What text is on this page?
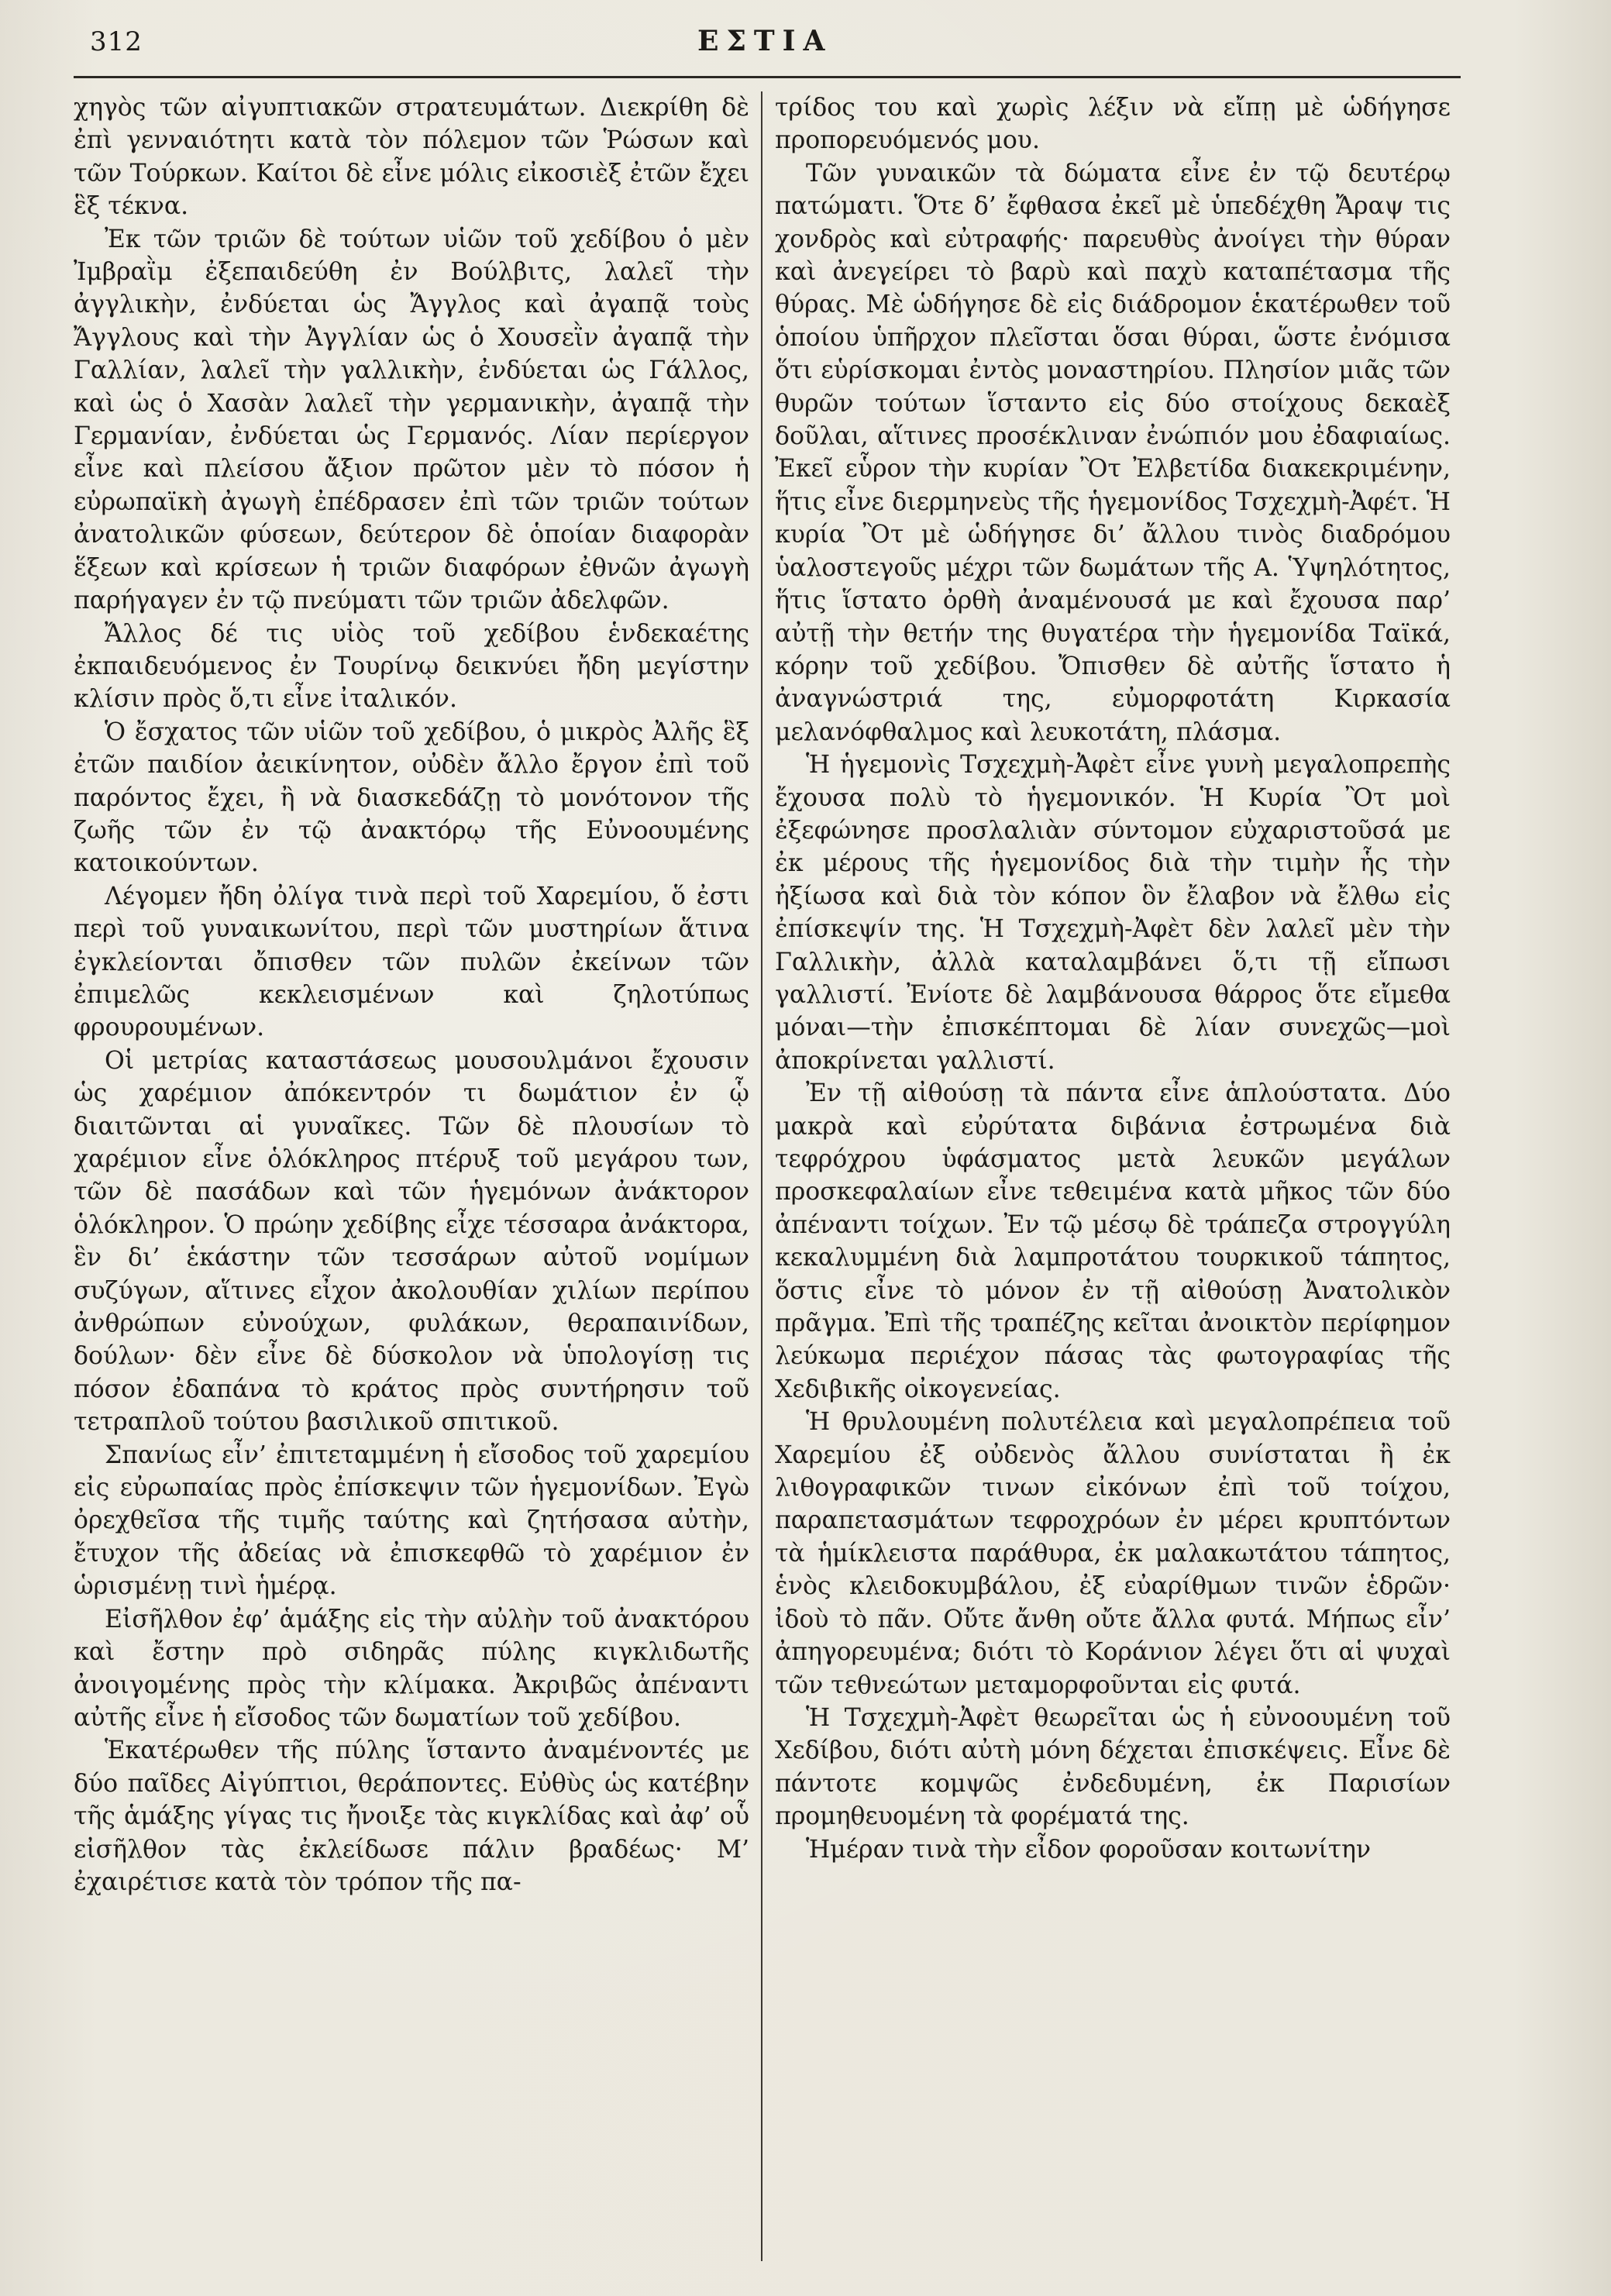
312	ΕΣΤΙΑ

χηγὸς τῶν αἰγυπτιακῶν στρατευμάτων. Διεκρίθη δὲ ἐπὶ γενναιότητι κατὰ τὸν πόλεμον τῶν Ῥώσων καὶ τῶν Τούρκων. Καίτοι δὲ εἶνε μόλις εἰκοσιὲξ ἐτῶν ἔχει ἓξ τέκνα.

Ἐκ τῶν τριῶν δὲ τούτων υἱῶν τοῦ χεδίβου ὁ μὲν Ἰμβραῒμ ἐξεπαιδεύθη ἐν Βούλβιτς, λαλεῖ τὴν ἀγγλικὴν, ἐνδύεται ὡς Ἄγγλος καὶ ἀγαπᾷ τοὺς Ἄγγλους καὶ τὴν Ἀγγλίαν ὡς ὁ Χουσεῒν ἀγαπᾷ τὴν Γαλλίαν, λαλεῖ τὴν γαλλικὴν, ἐνδύεται ὡς Γάλλος, καὶ ὡς ὁ Χασὰν λαλεῖ τὴν γερμανικὴν, ἀγαπᾷ τὴν Γερμανίαν, ἐνδύεται ὡς Γερμανός. Λίαν περίεργον εἶνε καὶ πλείσου ἄξιον πρῶτον μὲν τὸ πόσον ἡ εὐρωπαϊκὴ ἀγωγὴ ἐπέδρασεν ἐπὶ τῶν τριῶν τούτων ἀνατολικῶν φύσεων, δεύτερον δὲ ὁποίαν διαφορὰν ἕξεων καὶ κρίσεων ἡ τριῶν διαφόρων ἐθνῶν ἀγωγὴ παρήγαγεν ἐν τῷ πνεύματι τῶν τριῶν ἀδελφῶν.

Ἄλλος δέ τις υἱὸς τοῦ χεδίβου ἑνδεκαέτης ἐκπαιδευόμενος ἐν Τουρίνῳ δεικνύει ἤδη μεγίστην κλίσιν πρὸς ὅ,τι εἶνε ἰταλικόν.

Ὁ ἔσχατος τῶν υἱῶν τοῦ χεδίβου, ὁ μικρὸς Ἀλῆς ἓξ ἐτῶν παιδίον ἀεικίνητον, οὐδὲν ἄλλο ἔργον ἐπὶ τοῦ παρόντος ἔχει, ἢ νὰ διασκεδάζῃ τὸ μονότονον τῆς ζωῆς τῶν ἐν τῷ ἀνακτόρῳ τῆς Εὐνοουμένης κατοικούντων.

Λέγομεν ἤδη ὀλίγα τινὰ περὶ τοῦ Χαρεμίου, ὅ ἐστι περὶ τοῦ γυναικωνίτου, περὶ τῶν μυστηρίων ἅτινα ἐγκλείονται ὄπισθεν τῶν πυλῶν ἐκείνων τῶν ἐπιμελῶς κεκλεισμένων καὶ ζηλοτύπως φρουρουμένων.

Οἱ μετρίας καταστάσεως μουσουλμάνοι ἔχουσιν ὡς χαρέμιον ἀπόκεντρόν τι δωμάτιον ἐν ᾧ διαιτῶνται αἱ γυναῖκες. Τῶν δὲ πλουσίων τὸ χαρέμιον εἶνε ὁλόκληρος πτέρυξ τοῦ μεγάρου των, τῶν δὲ πασάδων καὶ τῶν ἡγεμόνων ἀνάκτορον ὁλόκληρον. Ὁ πρώην χεδίβης εἶχε τέσσαρα ἀνάκτορα, ἓν δι’ ἑκάστην τῶν τεσσάρων αὐτοῦ νομίμων συζύγων, αἵτινες εἶχον ἀκολουθίαν χιλίων περίπου ἀνθρώπων εὐνούχων, φυλάκων, θεραπαινίδων, δούλων· δὲν εἶνε δὲ δύσκολον νὰ ὑπολογίσῃ τις πόσον ἐδαπάνα τὸ κράτος πρὸς συντήρησιν τοῦ τετραπλοῦ τούτου βασιλικοῦ σπιτικοῦ.

Σπανίως εἶν’ ἐπιτεταμμένη ἡ εἴσοδος τοῦ χαρεμίου εἰς εὐρωπαίας πρὸς ἐπίσκεψιν τῶν ἡγεμονίδων. Ἐγὼ ὀρεχθεῖσα τῆς τιμῆς ταύτης καὶ ζητήσασα αὐτὴν, ἔτυχον τῆς ἀδείας νὰ ἐπισκεφθῶ τὸ χαρέμιον ἐν ὡρισμένῃ τινὶ ἡμέρᾳ.

Εἰσῆλθον ἐφ’ ἁμάξης εἰς τὴν αὐλὴν τοῦ ἀνακτόρου καὶ ἔστην πρὸ σιδηρᾶς πύλης κιγκλιδωτῆς ἀνοιγομένης πρὸς τὴν κλίμακα. Ἀκριβῶς ἀπέναντι αὐτῆς εἶνε ἡ εἴσοδος τῶν δωματίων τοῦ χεδίβου.

Ἑκατέρωθεν τῆς πύλης ἵσταντο ἀναμένοντές με δύο παῖδες Αἰγύπτιοι, θεράποντες. Εὐθὺς ὡς κατέβην τῆς ἁμάξης γίγας τις ἤνοιξε τὰς κιγκλίδας καὶ ἀφ’ οὗ εἰσῆλθον τὰς ἐκλείδωσε πάλιν βραδέως· Μ’ ἐχαιρέτισε κατὰ τὸν τρόπον τῆς πα-

τρίδος του καὶ χωρὶς λέξιν νὰ εἴπῃ μὲ ὡδήγησε προπορευόμενός μου.

Τῶν γυναικῶν τὰ δώματα εἶνε ἐν τῷ δευτέρῳ πατώματι. Ὅτε δ’ ἔφθασα ἐκεῖ μὲ ὑπεδέχθη Ἄραψ τις χονδρὸς καὶ εὐτραφής· παρευθὺς ἀνοίγει τὴν θύραν καὶ ἀνεγείρει τὸ βαρὺ καὶ παχὺ καταπέτασμα τῆς θύρας. Μὲ ὡδήγησε δὲ εἰς διάδρομον ἑκατέρωθεν τοῦ ὁποίου ὑπῆρχον πλεῖσται ὅσαι θύραι, ὥστε ἐνόμισα ὅτι εὑρίσκομαι ἐντὸς μοναστηρίου. Πλησίον μιᾶς τῶν θυρῶν τούτων ἵσταντο εἰς δύο στοίχους δεκαὲξ δοῦλαι, αἵτινες προσέκλιναν ἐνώπιόν μου ἐδαφιαίως. Ἐκεῖ εὗρον τὴν κυρίαν Ὂτ Ἐλβετίδα διακεκριμένην, ἥτις εἶνε διερμηνεὺς τῆς ἡγεμονίδος Τσχεχμὴ-Ἀφέτ. Ἡ κυρία Ὂτ μὲ ὡδήγησε δι’ ἄλλου τινὸς διαδρόμου ὑαλοστεγοῦς μέχρι τῶν δωμάτων τῆς Α. Ὑψηλότητος, ἥτις ἵστατο ὀρθὴ ἀναμένουσά με καὶ ἔχουσα παρ’ αὐτῇ τὴν θετήν της θυγατέρα τὴν ἡγεμονίδα Ταϊκά, κόρην τοῦ χεδίβου. Ὄπισθεν δὲ αὐτῆς ἵστατο ἡ ἀναγνώστριά της, εὐμορφοτάτη Κιρκασία μελανόφθαλμος καὶ λευκοτάτη, πλάσμα.

Ἡ ἡγεμονὶς Τσχεχμὴ-Ἀφὲτ εἶνε γυνὴ μεγαλοπρεπὴς ἔχουσα πολὺ τὸ ἡγεμονικόν. Ἡ Κυρία Ὂτ μοὶ ἐξεφώνησε προσλαλιὰν σύντομον εὐχαριστοῦσά με ἐκ μέρους τῆς ἡγεμονίδος διὰ τὴν τιμὴν ἧς τὴν ἠξίωσα καὶ διὰ τὸν κόπον ὃν ἔλαβον νὰ ἔλθω εἰς ἐπίσκεψίν της. Ἡ Τσχεχμὴ-Ἀφὲτ δὲν λαλεῖ μὲν τὴν Γαλλικὴν, ἀλλὰ καταλαμβάνει ὅ,τι τῇ εἴπωσι γαλλιστί. Ἐνίοτε δὲ λαμβάνουσα θάρρος ὅτε εἴμεθα μόναι—τὴν ἐπισκέπτομαι δὲ λίαν συνεχῶς—μοὶ ἀποκρίνεται γαλλιστί.

Ἐν τῇ αἰθούσῃ τὰ πάντα εἶνε ἁπλούστατα. Δύο μακρὰ καὶ εὐρύτατα διβάνια ἐστρωμένα διὰ τεφρόχρου ὑφάσματος μετὰ λευκῶν μεγάλων προσκεφαλαίων εἶνε τεθειμένα κατὰ μῆκος τῶν δύο ἀπέναντι τοίχων. Ἐν τῷ μέσῳ δὲ τράπεζα στρογγύλη κεκαλυμμένη διὰ λαμπροτάτου τουρκικοῦ τάπητος, ὅστις εἶνε τὸ μόνον ἐν τῇ αἰθούσῃ Ἀνατολικὸν πρᾶγμα. Ἐπὶ τῆς τραπέζης κεῖται ἀνοικτὸν περίφημον λεύκωμα περιέχον πάσας τὰς φωτογραφίας τῆς Χεδιβικῆς οἰκογενείας.

Ἡ θρυλουμένη πολυτέλεια καὶ μεγαλοπρέπεια τοῦ Χαρεμίου ἐξ οὐδενὸς ἄλλου συνίσταται ἢ ἐκ λιθογραφικῶν τινων εἰκόνων ἐπὶ τοῦ τοίχου, παραπετασμάτων τεφροχρόων ἐν μέρει κρυπτόντων τὰ ἡμίκλειστα παράθυρα, ἐκ μαλακωτάτου τάπητος, ἑνὸς κλειδοκυμβάλου, ἐξ εὐαρίθμων τινῶν ἑδρῶν· ἰδοὺ τὸ πᾶν. Οὔτε ἄνθη οὔτε ἄλλα φυτά. Μήπως εἶν’ ἀπηγορευμένα; διότι τὸ Κοράνιον λέγει ὅτι αἱ ψυχαὶ τῶν τεθνεώτων μεταμορφοῦνται εἰς φυτά.

Ἡ Τσχεχμὴ-Ἀφὲτ θεωρεῖται ὡς ἡ εὐνοουμένη τοῦ Χεδίβου, διότι αὐτὴ μόνη δέχεται ἐπισκέψεις. Εἶνε δὲ πάντοτε κομψῶς ἐνδεδυμένη, ἐκ Παρισίων προμηθευομένη τὰ φορέματά της.

Ἡμέραν τινὰ τὴν εἶδον φοροῦσαν κοιτωνίτην
